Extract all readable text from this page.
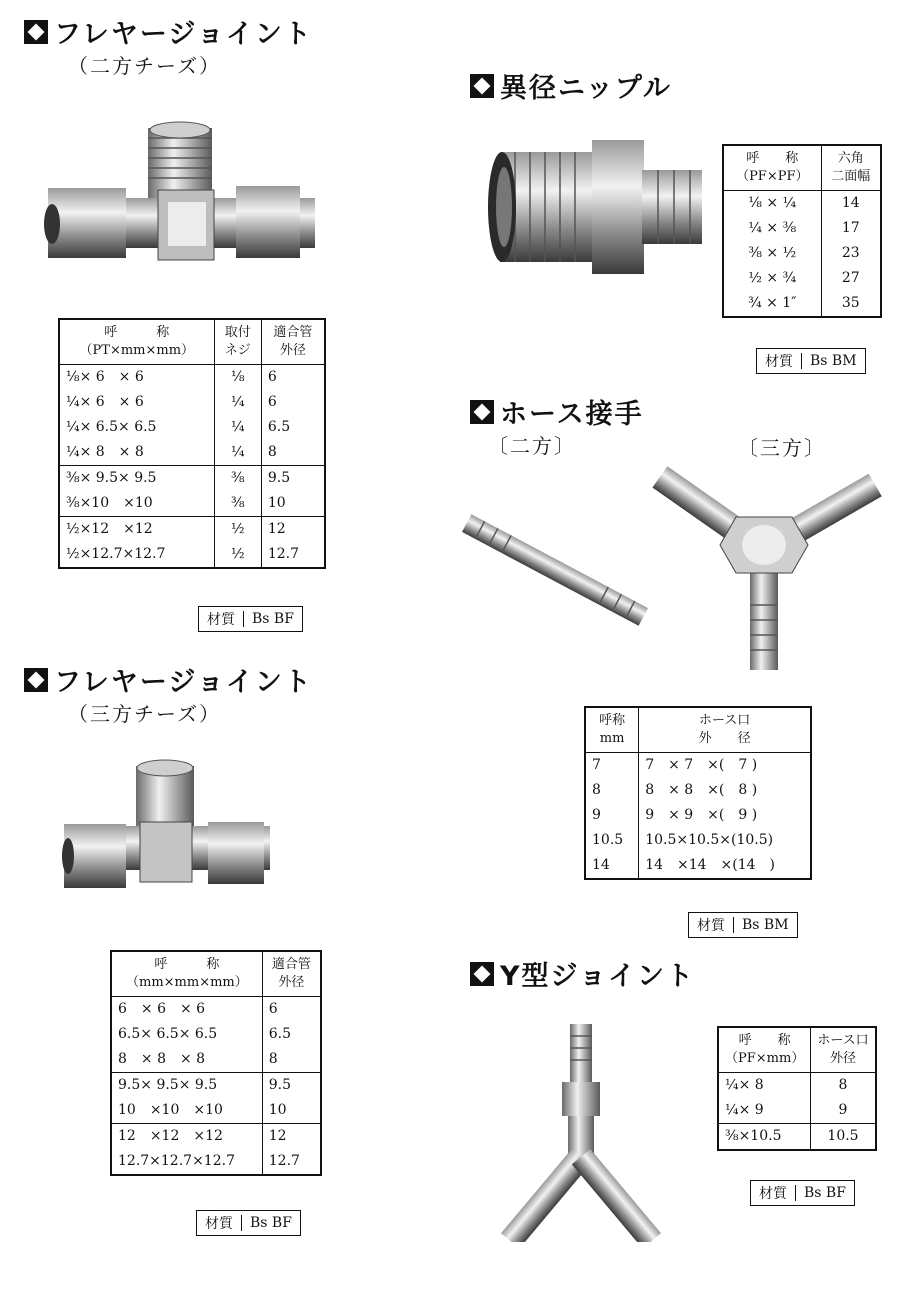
フレヤージョイント
（二方チーズ）
呼　　　称
（PT×mm×mm）	取付
ネジ	適合管
外径
⅛× 6　× 6	⅛	6
¼× 6　× 6	¼	6
¼× 6.5× 6.5	¼	6.5
¼× 8　× 8	¼	8
⅜× 9.5× 9.5	⅜	9.5
⅜×10　×10	⅜	10
½×12　×12	½	12
½×12.7×12.7	½	12.7
材質	Bs BF
フレヤージョイント
（三方チーズ）
呼　　　称
（mm×mm×mm）	適合管
外径
6　× 6　× 6	6
6.5× 6.5× 6.5	6.5
8　× 8　× 8	8
9.5× 9.5× 9.5	9.5
10　×10　×10	10
12　×12　×12	12
12.7×12.7×12.7	12.7
材質	Bs BF
異径ニップル
呼　　称
（PF×PF）	六角
二面幅
⅛ × ¼	14
¼ × ⅜	17
⅜ × ½	23
½ × ¾	27
¾ × 1″	35
材質	Bs BM
ホース接手
〔二方〕	〔三方〕
呼称
mm	ホース口
外　　径
7	7　× 7　×(　7 )
8	8　× 8　×(　8 )
9	9　× 9　×(　9 )
10.5	10.5×10.5×(10.5)
14	14　×14　×(14　)
材質	Bs BM
Y型ジョイント
呼　　称
（PF×mm）	ホース口
外径
¼× 8	8
¼× 9	9
⅜×10.5	10.5
材質	Bs BF
